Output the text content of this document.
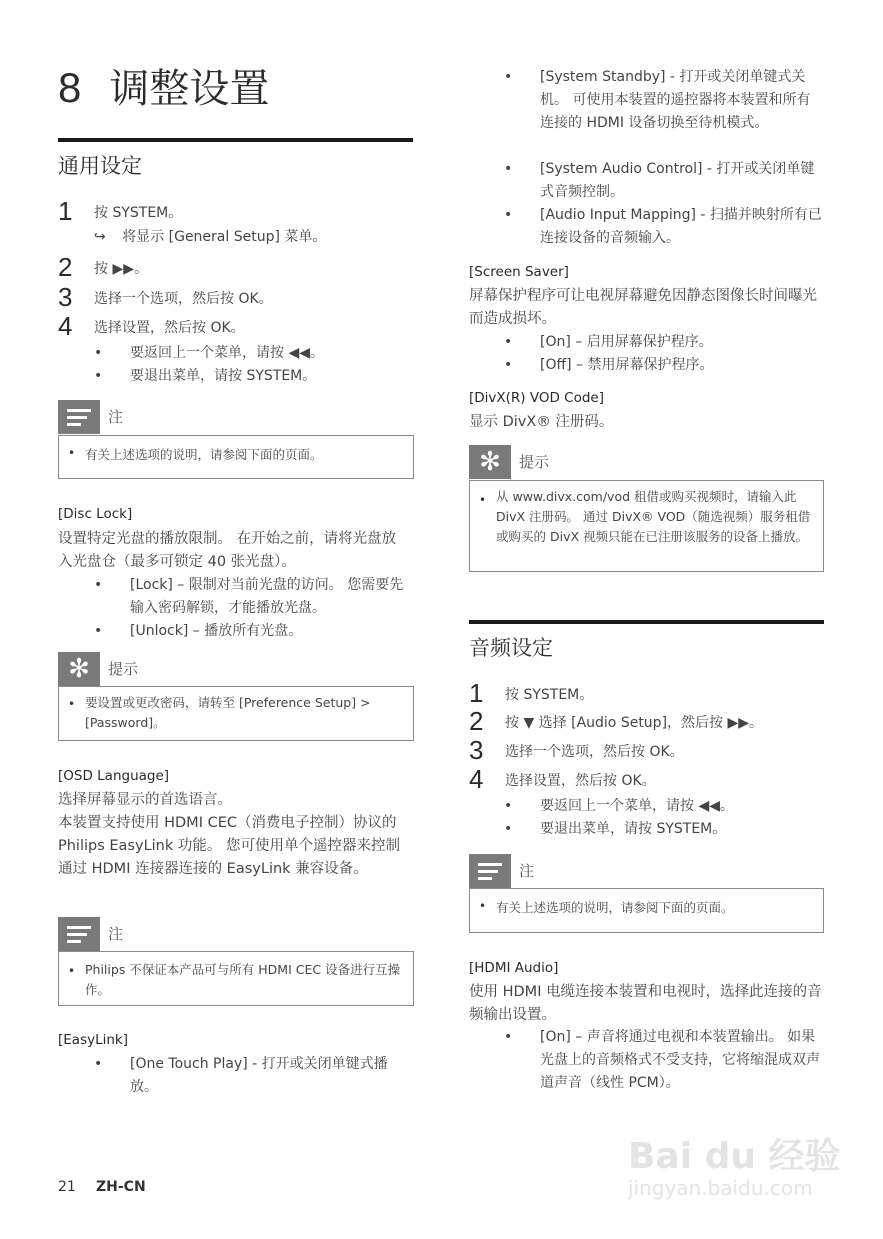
8 调整设置
通用设定
1 按 SYSTEM。
↪ 将显示 [General Setup] 菜单。
2 按 ▶▶。
3 选择一个选项，然后按 OK。
4 选择设置，然后按 OK。
• 要返回上一个菜单，请按 ◀◀。
• 要退出菜单，请按 SYSTEM。
注
• 有关上述选项的说明，请参阅下面的页面。
[Disc Lock]
设置特定光盘的播放限制。 在开始之前，请将光盘放入光盘仓（最多可锁定 40 张光盘）。
• [Lock] – 限制对当前光盘的访问。 您需要先输入密码解锁，才能播放光盘。
• [Unlock] – 播放所有光盘。
✻	提示
• 要设置或更改密码，请转至 [Preference Setup] > [Password]。
[OSD Language]
选择屏幕显示的首选语言。
本装置支持使用 HDMI CEC（消费电子控制）协议的 Philips EasyLink 功能。 您可使用单个遥控器来控制通过 HDMI 连接器连接的 EasyLink 兼容设备。
注
• Philips 不保证本产品可与所有 HDMI CEC 设备进行互操作。
[EasyLink]
• [One Touch Play] - 打开或关闭单键式播放。
• [System Standby] - 打开或关闭单键式关机。 可使用本装置的遥控器将本装置和所有连接的 HDMI 设备切换至待机模式。
• [System Audio Control] - 打开或关闭单键式音频控制。
• [Audio Input Mapping] - 扫描并映射所有已连接设备的音频输入。
[Screen Saver]
屏幕保护程序可让电视屏幕避免因静态图像长时间曝光而造成损坏。
• [On] – 启用屏幕保护程序。
• [Off] – 禁用屏幕保护程序。
[DivX(R) VOD Code]
显示 DivX® 注册码。
✻	提示
• 从 www.divx.com/vod 租借或购买视频时，请输入此 DivX 注册码。 通过 DivX® VOD（随选视频）服务租借或购买的 DivX 视频只能在已注册该服务的设备上播放。
音频设定
1 按 SYSTEM。
2 按 ▼ 选择 [Audio Setup]，然后按 ▶▶。
3 选择一个选项，然后按 OK。
4 选择设置，然后按 OK。
• 要返回上一个菜单，请按 ◀◀。
• 要退出菜单，请按 SYSTEM。
注
• 有关上述选项的说明，请参阅下面的页面。
[HDMI Audio]
使用 HDMI 电缆连接本装置和电视时，选择此连接的音频输出设置。
• [On] – 声音将通过电视和本装置输出。 如果光盘上的音频格式不受支持，它将缩混成双声道声音（线性 PCM）。
21 ZH-CN
Bai du 经验
jingyan.baidu.com
